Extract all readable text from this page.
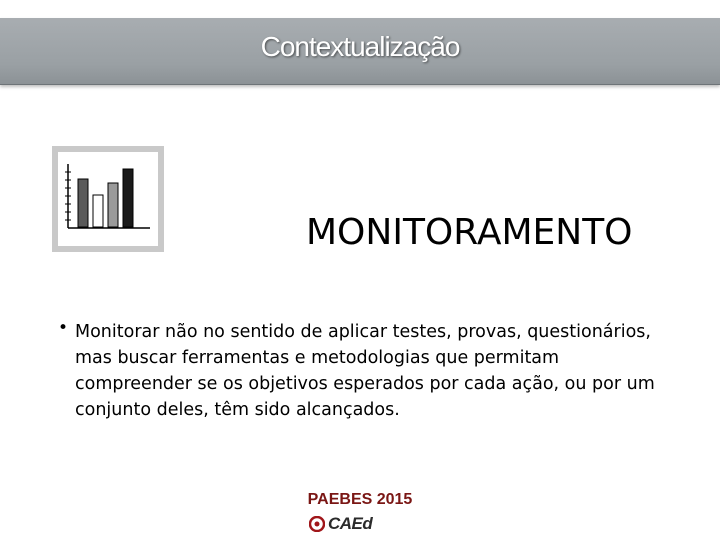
Contextualização
MONITORAMENTO
• Monitorar não no sentido de aplicar testes, provas, questionários, mas buscar ferramentas e metodologias que permitam compreender se os objetivos esperados por cada ação, ou por um conjunto deles, têm sido alcançados.
PAEBES 2015
CAEd
